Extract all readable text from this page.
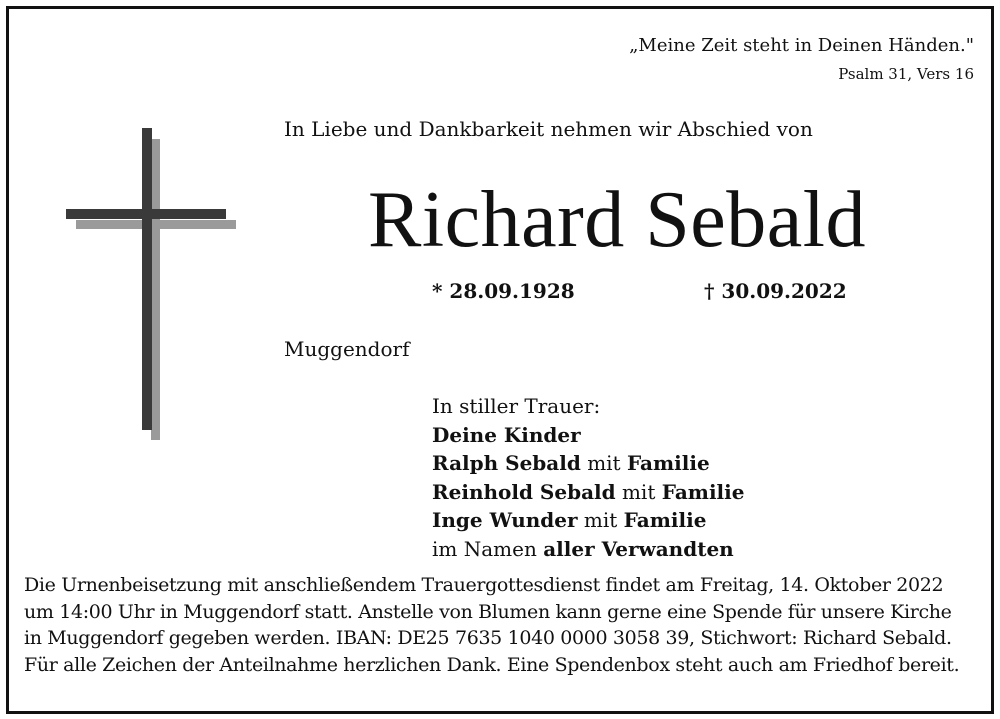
„Meine Zeit steht in Deinen Händen."
Psalm 31, Vers 16
In Liebe und Dankbarkeit nehmen wir Abschied von
Richard Sebald
* 28.09.1928	† 30.09.2022
Muggendorf
In stiller Trauer:
Deine Kinder
Ralph Sebald mit Familie
Reinhold Sebald mit Familie
Inge Wunder mit Familie
im Namen aller Verwandten
Die Urnenbeisetzung mit anschließendem Trauergottesdienst findet am Freitag, 14. Oktober 2022
um 14:00 Uhr in Muggendorf statt. Anstelle von Blumen kann gerne eine Spende für unsere Kirche
in Muggendorf gegeben werden. IBAN: DE25 7635 1040 0000 3058 39, Stichwort: Richard Sebald.
Für alle Zeichen der Anteilnahme herzlichen Dank. Eine Spendenbox steht auch am Friedhof bereit.
